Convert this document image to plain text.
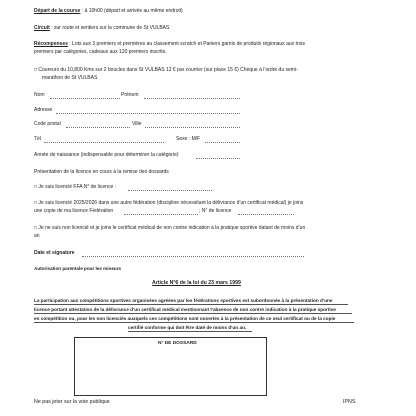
Départ de la course : à 10h00 (départ et arrivée au même endroit)
Circuit : sur route et sentiers sur la commune de St VULBAS
Récompenses : Lots aux 3 premiers et premières au classement scratch et Paniers garnis de produits régionaux aux trois
premiers par catégories, cadeaux aux 120 premiers inscrits.
□ Coureurs du 10,800 Kms sur 2 boucles dans St VULBAS 12 € par courrier (sur place 15 €) Chèque à l’ordre du semi-
marathon de St VULBAS
Nom	Prénom
Adresse
Code postal	Ville
Tél	Sexe : M/F
Année de naissance (indispensable pour déterminer la catégorie)
Présentation de la licence en cours à la remise des dossards
□ Je suis licencié FFA N° de licence :
□ Je suis licencié 2025/2026 dans une autre fédération (discipline nécessitant la délivrance d’un certificat médical) je joins
une copie de ma licence Fédération	; N° de licence
□ Je ne suis non licencié et je joins le certificat médical de non contre indication à la pratique sportive datant de moins d’un
an
Date et signature
Autorisation parentale pour les mineurs
Article N°6 de la loi du 23 mars 1999
La participation aux compétitions sportives organisées agréées par les fédérations sportives est subordonnée à la présentation d’une
licence portant attestation de la délivrance d’un certificat médical mentionnant l’absence de non contre indication à la pratique sportive
en compétition ou, pour les non licenciés auxquels ces compétitions sont ouvertes à la présentation de ce seul certificat ou de la copie
certifié conforme qui doit être daté de moins d’un an.
N° DE DOSSARD
Ne pas jeter sur la voie publique	IPNS
